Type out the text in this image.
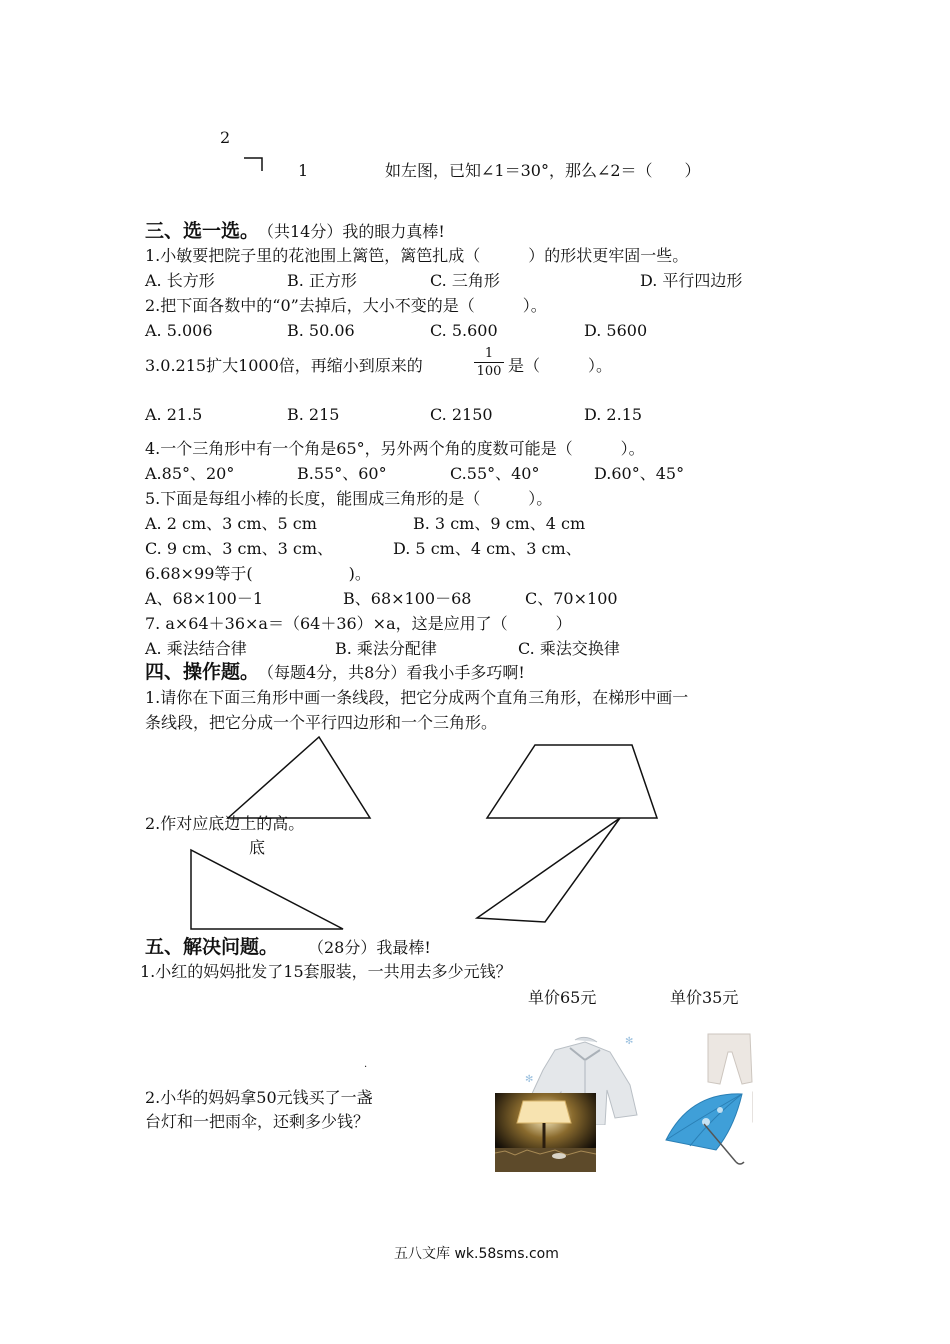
2
1	如左图，已知∠1＝30°，那么∠2＝（　　）
三、选一选。
（共14分）我的眼力真棒!
1.小敏要把院子里的花池围上篱笆，篱笆扎成（　　　）的形状更牢固一些。
A. 长方形	B. 正方形	C. 三角形	D. 平行四边形
2.把下面各数中的“0”去掉后，大小不变的是（　　　）。
A. 5.006	B. 50.06	C. 5.600	D. 5600
3.0.215扩大1000倍，再缩小到原来的	$\frac{1}{100}$ 是（　　　）。
A. 21.5	B. 215	C. 2150	D. 2.15
4.一个三角形中有一个角是65°，另外两个角的度数可能是（　　　）。
A.85°、20°	B.55°、60°	C.55°、40°	D.60°、45°
5.下面是每组小棒的长度，能围成三角形的是（　　　）。
A. 2 cm、3 cm、5 cm	B. 3 cm、9 cm、4 cm
C. 9 cm、3 cm、3 cm、	D. 5 cm、4 cm、3 cm、
6.68×99等于(　　　　　　)。
A、68×100－1	B、68×100－68	C、70×100
7. a×64＋36×a＝（64＋36）×a，这是应用了（　　　）
A. 乘法结合律	B. 乘法分配律	C. 乘法交换律
四、操作题。
（每题4分，共8分）看我小手多巧啊!
1.请你在下面三角形中画一条线段，把它分成两个直角三角形，在梯形中画一
条线段，把它分成一个平行四边形和一个三角形。
2.作对应底边上的高。
底
五、解决问题。 （28分）我最棒!
1.小红的妈妈批发了15套服装，一共用去多少元钱？
单价65元	单价35元
.
✻
✻
2.小华的妈妈拿50元钱买了一盏
台灯和一把雨伞，还剩多少钱？
五八文库 wk.58sms.com
